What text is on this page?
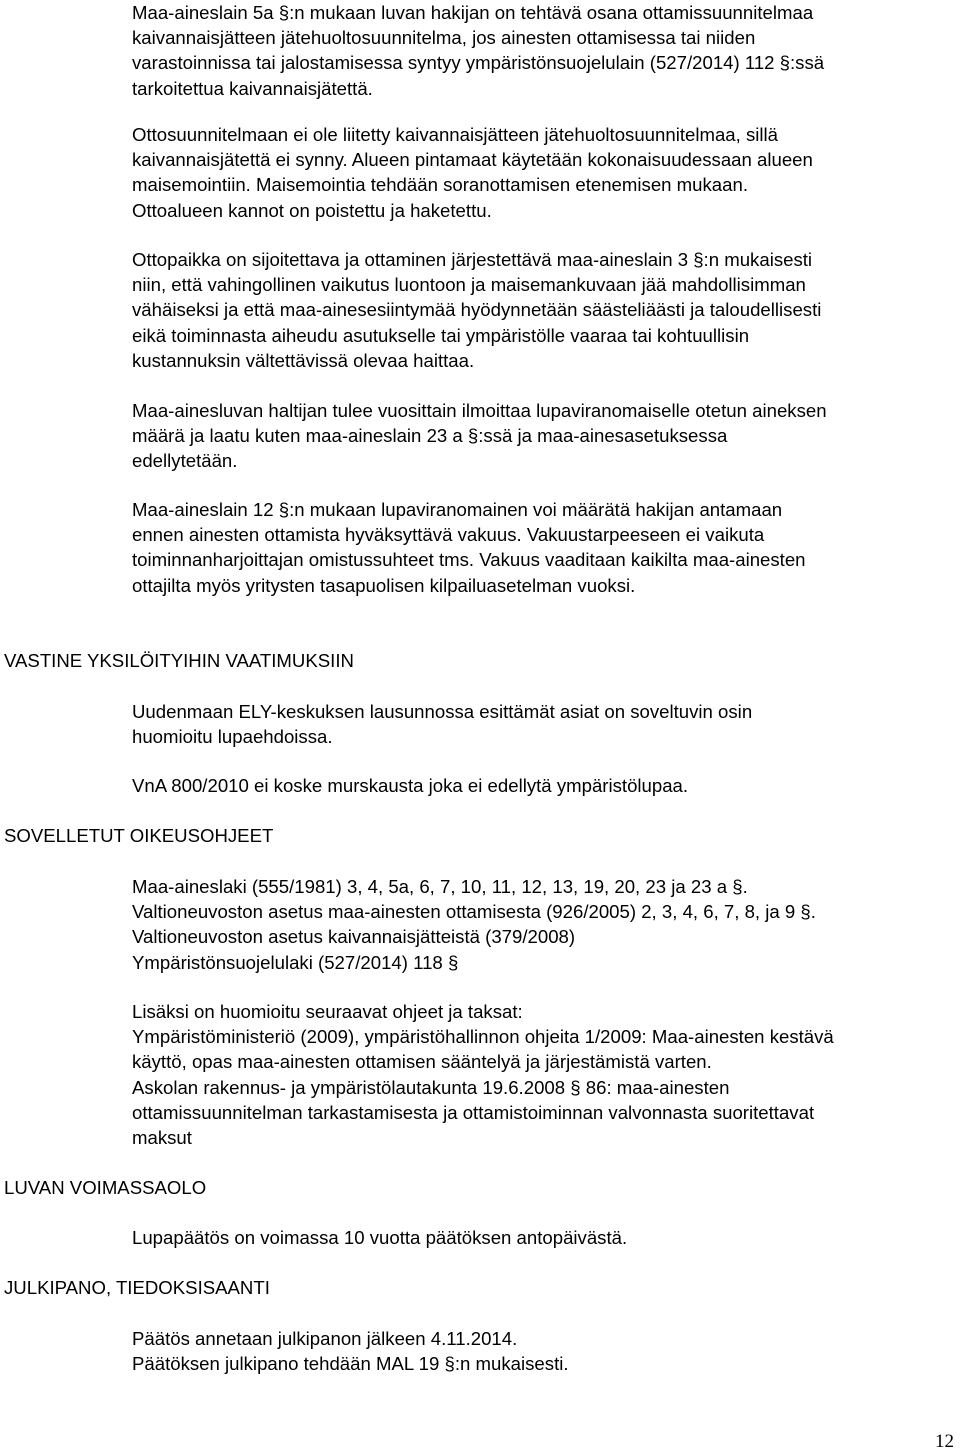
Maa-aineslain 5a §:n mukaan luvan hakijan on tehtävä osana ottamissuunnitelmaa

kaivannaisjätteen jätehuoltosuunnitelma, jos ainesten ottamisessa tai niiden

varastoinnissa tai jalostamisessa syntyy ympäristönsuojelulain (527/2014) 112 §:ssä

tarkoitettua kaivannaisjätettä.

Ottosuunnitelmaan ei ole liitetty kaivannaisjätteen jätehuoltosuunnitelmaa, sillä

kaivannaisjätettä ei synny. Alueen pintamaat käytetään kokonaisuudessaan alueen

maisemointiin. Maisemointia tehdään soranottamisen etenemisen mukaan.

Ottoalueen kannot on poistettu ja haketettu.

Ottopaikka on sijoitettava ja ottaminen järjestettävä maa-aineslain 3 §:n mukaisesti

niin, että vahingollinen vaikutus luontoon ja maisemankuvaan jää mahdollisimman

vähäiseksi ja että maa-ainesesiintymää hyödynnetään säästeliäästi ja taloudellisesti

eikä toiminnasta aiheudu asutukselle tai ympäristölle vaaraa tai kohtuullisin

kustannuksin vältettävissä olevaa haittaa.

Maa-ainesluvan haltijan tulee vuosittain ilmoittaa lupaviranomaiselle otetun aineksen

määrä ja laatu kuten maa-aineslain 23 a §:ssä ja maa-ainesasetuksessa

edellytetään.

Maa-aineslain 12 §:n mukaan lupaviranomainen voi määrätä hakijan antamaan

ennen ainesten ottamista hyväksyttävä vakuus. Vakuustarpeeseen ei vaikuta

toiminnanharjoittajan omistussuhteet tms. Vakuus vaaditaan kaikilta maa-ainesten

ottajilta myös yritysten tasapuolisen kilpailuasetelman vuoksi.

VASTINE YKSILÖITYIHIN VAATIMUKSIIN

Uudenmaan ELY-keskuksen lausunnossa esittämät asiat on soveltuvin osin

huomioitu lupaehdoissa.

VnA 800/2010 ei koske murskausta joka ei edellytä ympäristölupaa.

SOVELLETUT OIKEUSOHJEET

Maa-aineslaki (555/1981) 3, 4, 5a, 6, 7, 10, 11, 12, 13, 19, 20, 23 ja 23 a §.

Valtioneuvoston asetus maa-ainesten ottamisesta (926/2005) 2, 3, 4, 6, 7, 8, ja 9 §.

Valtioneuvoston asetus kaivannaisjätteistä (379/2008)

Ympäristönsuojelulaki (527/2014) 118 §

Lisäksi on huomioitu seuraavat ohjeet ja taksat:

Ympäristöministeriö (2009), ympäristöhallinnon ohjeita 1/2009: Maa-ainesten kestävä

käyttö, opas maa-ainesten ottamisen sääntelyä ja järjestämistä varten.

Askolan rakennus- ja ympäristölautakunta 19.6.2008 § 86: maa-ainesten

ottamissuunnitelman tarkastamisesta ja ottamistoiminnan valvonnasta suoritettavat

maksut

LUVAN VOIMASSAOLO

Lupapäätös on voimassa 10 vuotta päätöksen antopäivästä.

JULKIPANO, TIEDOKSISAANTI

Päätös annetaan julkipanon jälkeen 4.11.2014.

Päätöksen julkipano tehdään MAL 19 §:n mukaisesti.

12
